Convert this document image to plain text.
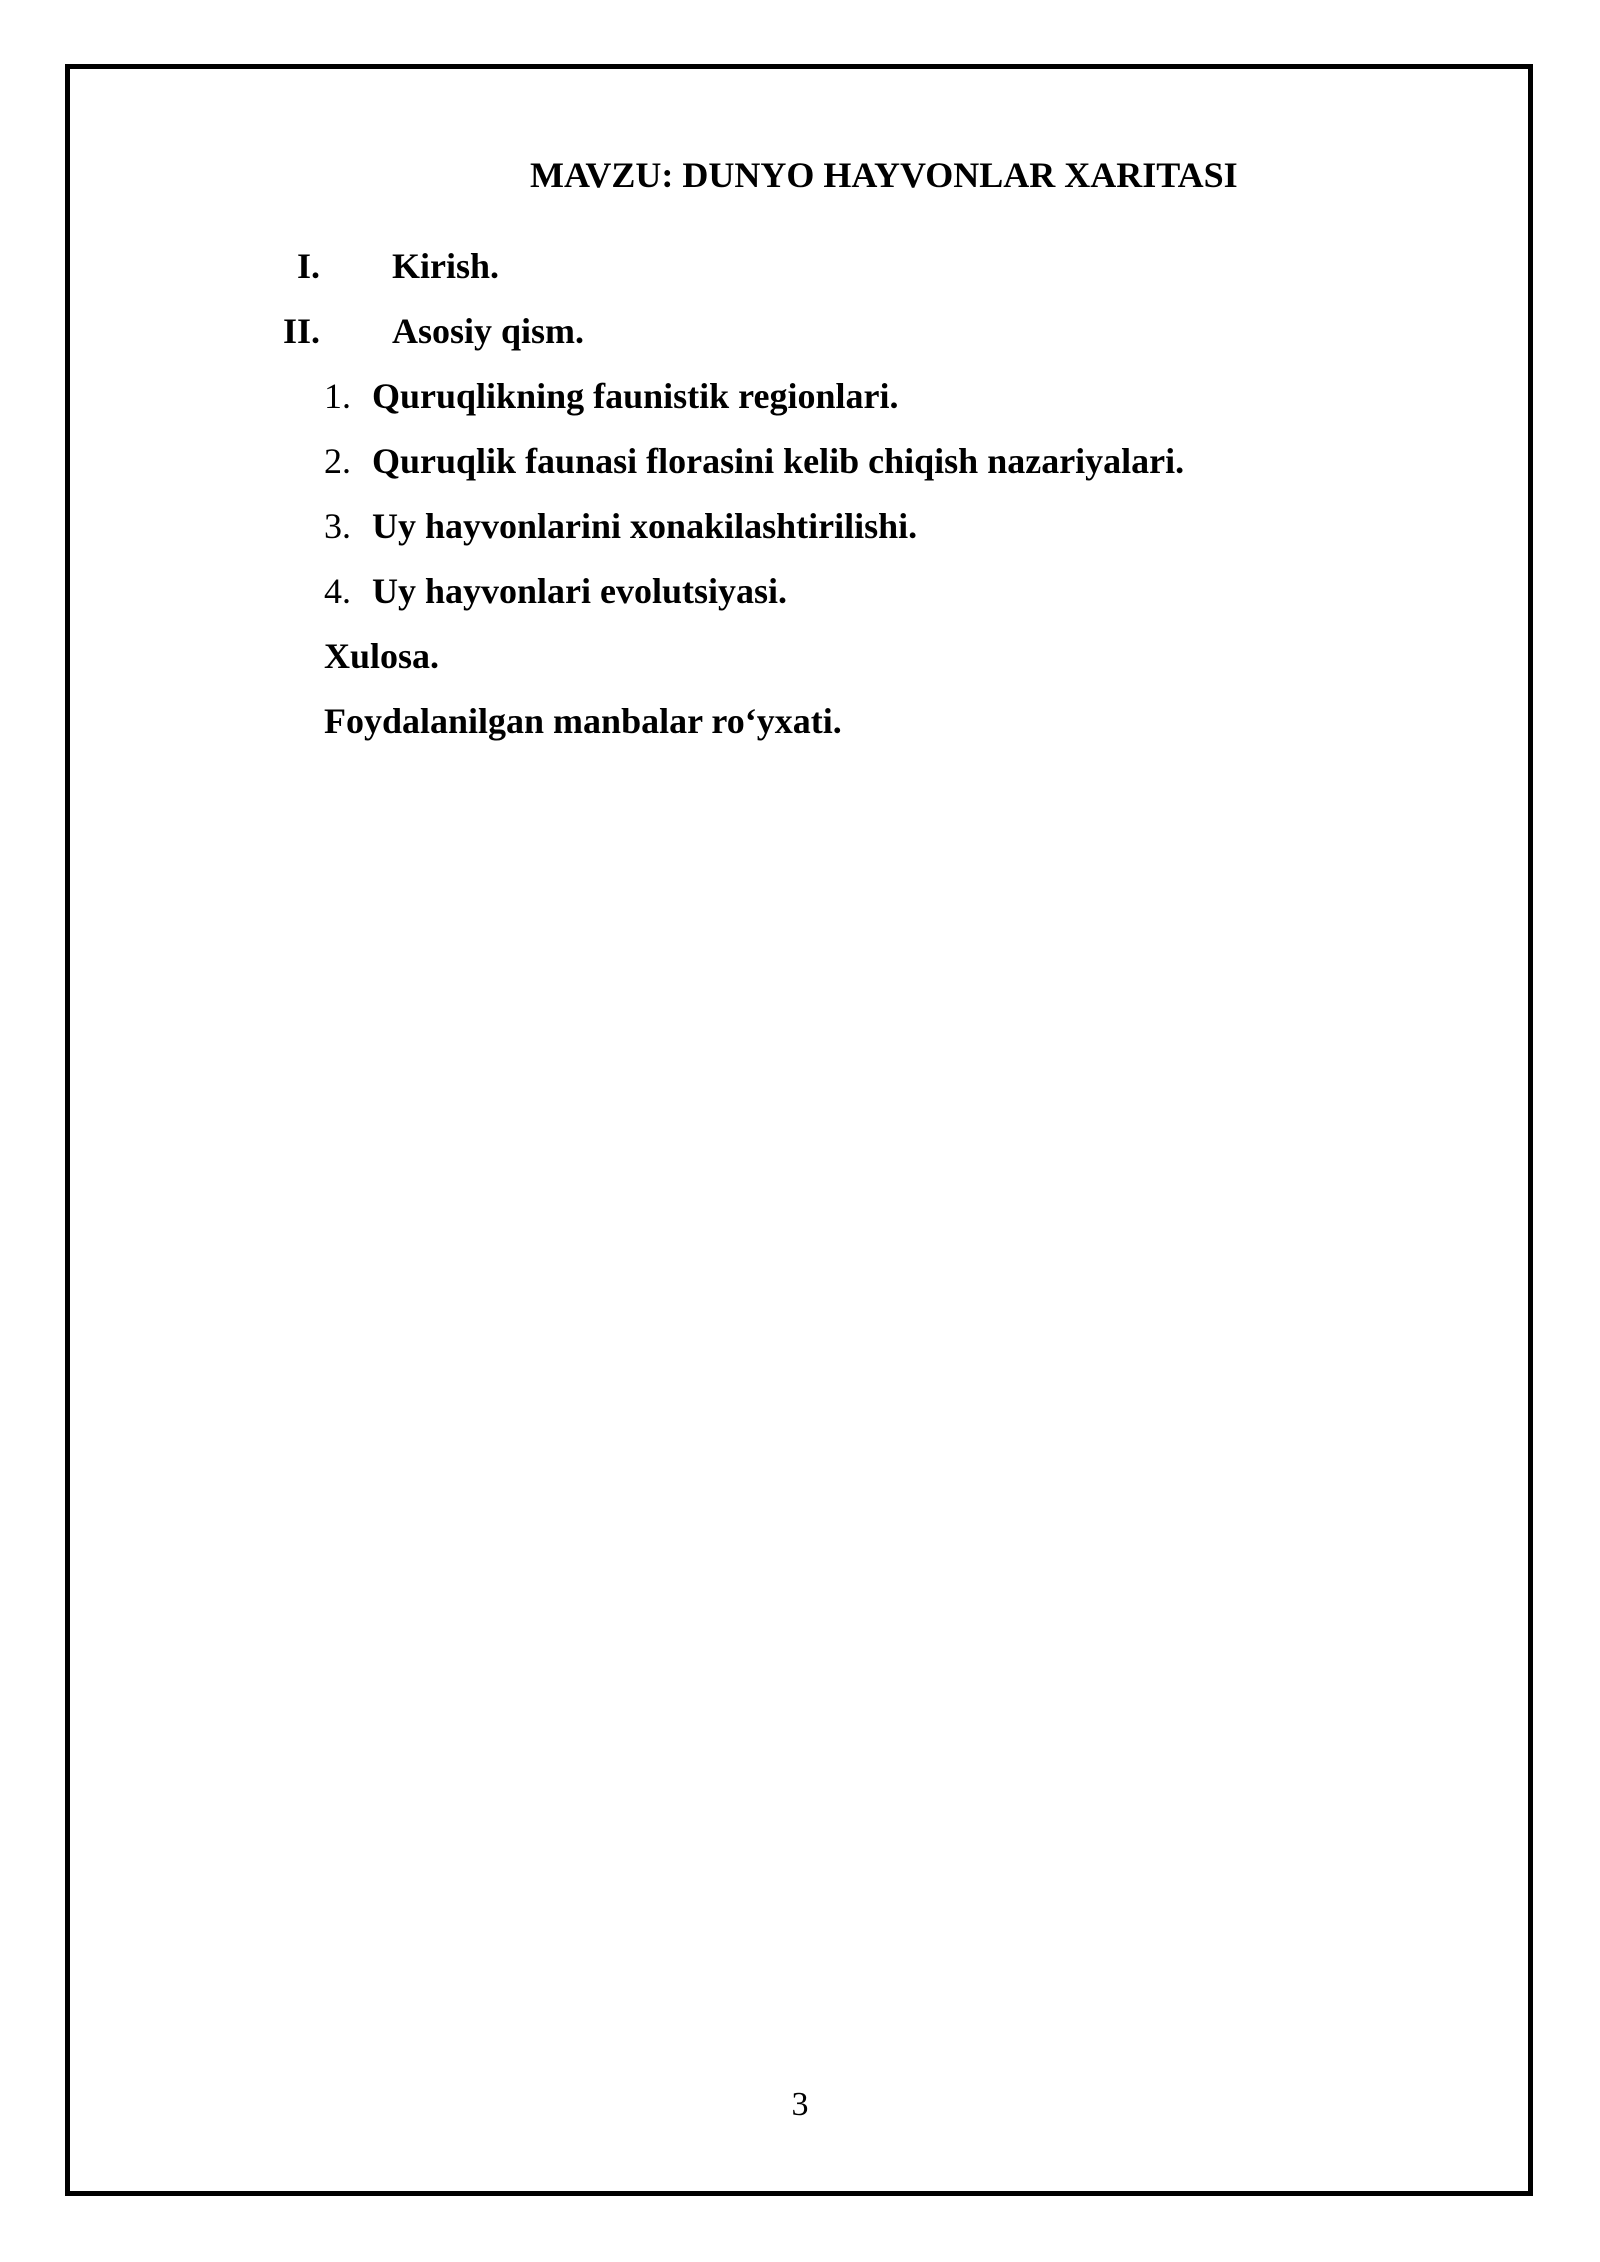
MAVZU: DUNYO HAYVONLAR XARITASI
I. Kirish.
II. Asosiy qism.
1. Quruqlikning faunistik regionlari.
2. Quruqlik faunasi florasini kelib chiqish nazariyalari.
3. Uy hayvonlarini xonakilashtirilishi.
4. Uy hayvonlari evolutsiyasi.
Xulosa.
Foydalanilgan manbalar ro‘yxati.
3
